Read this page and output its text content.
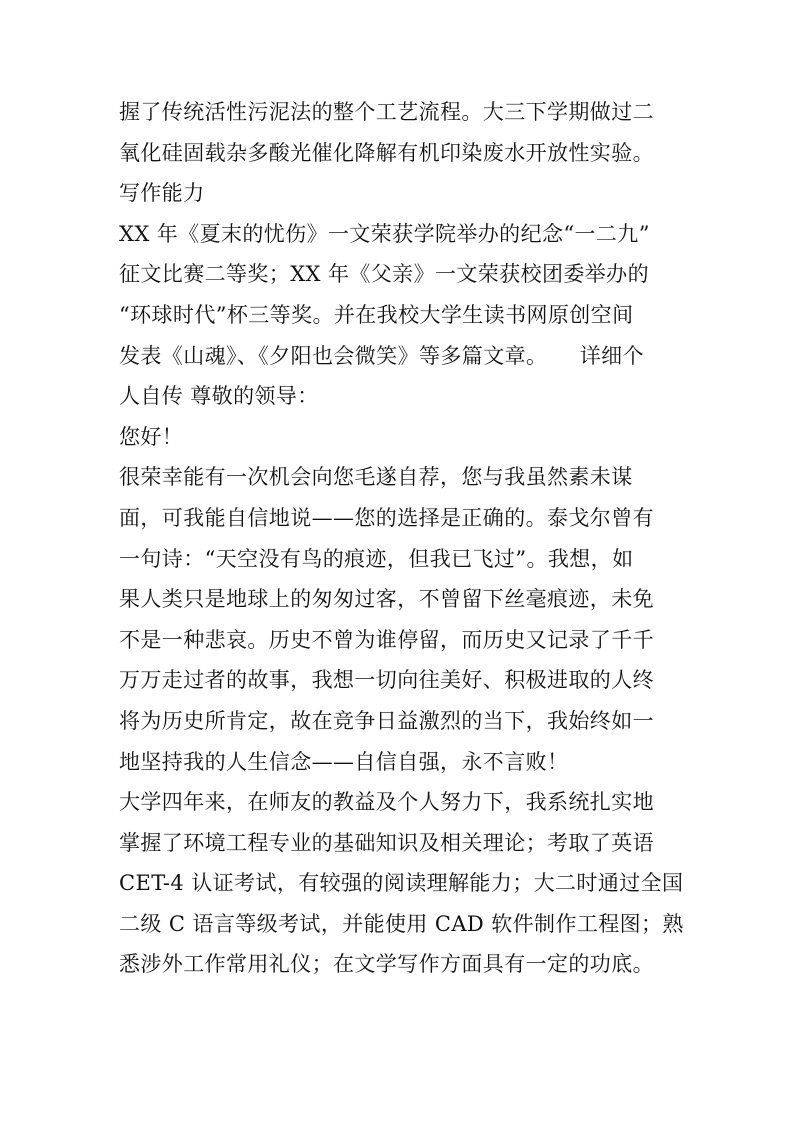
握了传统活性污泥法的整个工艺流程。大三下学期做过二
氧化硅固载杂多酸光催化降解有机印染废水开放性实验。
写作能力
XX 年《夏末的忧伤》一文荣获学院举办的纪念“一二九”
征文比赛二等奖；XX 年《父亲》一文荣获校团委举办的
“环球时代”杯三等奖。并在我校大学生读书网原创空间
发表《山魂》、《夕阳也会微笑》等多篇文章。　　详细个
人自传 尊敬的领导：
您好！
很荣幸能有一次机会向您毛遂自荐，您与我虽然素未谋
面，可我能自信地说——您的选择是正确的。泰戈尔曾有
一句诗：“天空没有鸟的痕迹，但我已飞过”。我想，如
果人类只是地球上的匆匆过客，不曾留下丝毫痕迹，未免
不是一种悲哀。历史不曾为谁停留，而历史又记录了千千
万万走过者的故事，我想一切向往美好、积极进取的人终
将为历史所肯定，故在竞争日益激烈的当下，我始终如一
地坚持我的人生信念——自信自强，永不言败！
大学四年来，在师友的教益及个人努力下，我系统扎实地
掌握了环境工程专业的基础知识及相关理论；考取了英语
CET-4 认证考试，有较强的阅读理解能力；大二时通过全国
二级 C 语言等级考试，并能使用 CAD 软件制作工程图；熟
悉涉外工作常用礼仪；在文学写作方面具有一定的功底。
